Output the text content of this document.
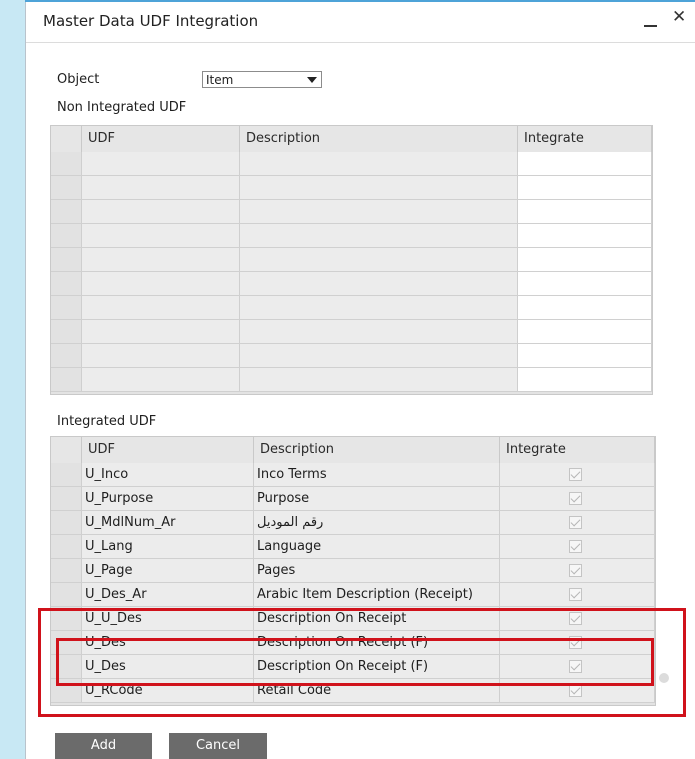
Master Data UDF Integration	✕
Object	Item
Non Integrated UDF
UDF	Description	Integrate
Integrated UDF
UDF	Description	Integrate
U_Inco	Inco Terms
U_Purpose	Purpose
U_MdlNum_Ar	رقم الموديل
U_Lang	Language
U_Page	Pages
U_Des_Ar	Arabic Item Description (Receipt)
U_U_Des	Description On Receipt
U_Des	Description On Receipt (F)
U_Des	Description On Receipt (F)
U_RCode	Retail Code
Add	Cancel
